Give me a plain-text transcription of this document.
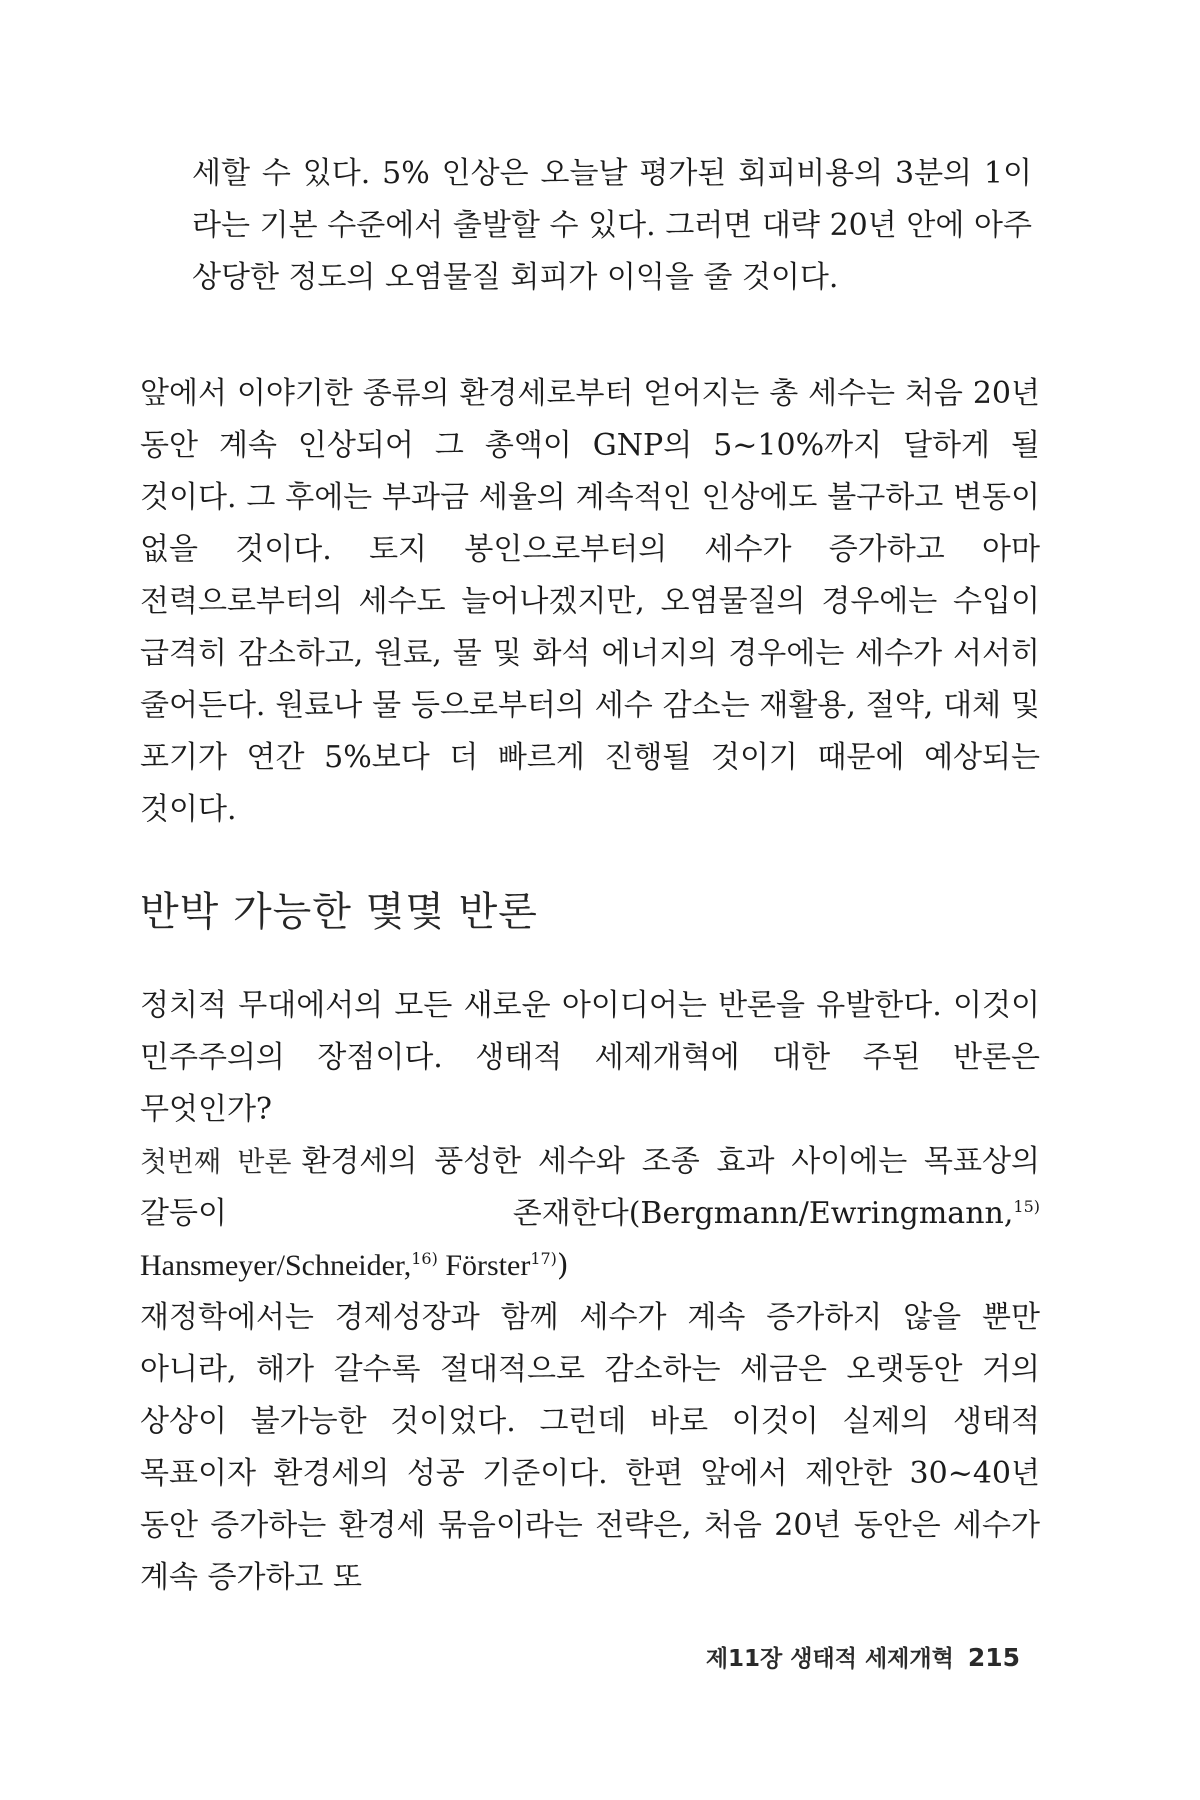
세할 수 있다. 5% 인상은 오늘날 평가된 회피비용의 3분의 1이 라는 기본 수준에서 출발할 수 있다. 그러면 대략 20년 안에 아주 상당한 정도의 오염물질 회피가 이익을 줄 것이다.

앞에서 이야기한 종류의 환경세로부터 얻어지는 총 세수는 처음 20년 동안 계속 인상되어 그 총액이 GNP의 5~10%까지 달하게 될 것이다. 그 후에는 부과금 세율의 계속적인 인상에도 불구하고 변동이 없을 것이다. 토지 봉인으로부터의 세수가 증가하고 아마 전력으로부터의 세수도 늘어나겠지만, 오염물질의 경우에는 수입이 급격히 감소하고, 원료, 물 및 화석 에너지의 경우에는 세수가 서서히 줄어든다. 원료나 물 등으로부터의 세수 감소는 재활용, 절약, 대체 및 포기가 연간 5%보다 더 빠르게 진행될 것이기 때문에 예상되는 것이다.

반박 가능한 몇몇 반론

정치적 무대에서의 모든 새로운 아이디어는 반론을 유발한다. 이것이 민주주의의 장점이다. 생태적 세제개혁에 대한 주된 반론은 무엇인가?

첫번째 반론 환경세의 풍성한 세수와 조종 효과 사이에는 목표상의 갈등이 존재한다(Bergmann/Ewringmann,$^{15)}$ Hansmeyer/Schneider,$^{16)}$ Förster$^{17)}$)

재정학에서는 경제성장과 함께 세수가 계속 증가하지 않을 뿐만 아니라, 해가 갈수록 절대적으로 감소하는 세금은 오랫동안 거의 상상이 불가능한 것이었다. 그런데 바로 이것이 실제의 생태적 목표이자 환경세의 성공 기준이다. 한편 앞에서 제안한 30~40년 동안 증가하는 환경세 묶음이라는 전략은, 처음 20년 동안은 세수가 계속 증가하고 또

제11장 생태적 세제개혁 215
